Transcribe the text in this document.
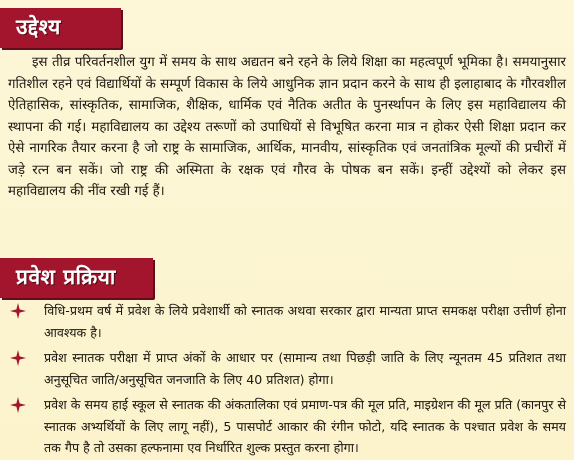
उद्देश्य

इस तीव्र परिवर्तनशील युग में समय के साथ अद्यतन बने रहने के लिये शिक्षा का महत्वपूर्ण भूमिका है। समयानुसार गतिशील रहने एवं विद्यार्थियों के सम्पूर्ण विकास के लिये आधुनिक ज्ञान प्रदान करने के साथ ही इलाहाबाद के गौरवशील ऐतिहासिक, सांस्कृतिक, सामाजिक, शैक्षिक, धार्मिक एवं नैतिक अतीत के पुनर्स्थापन के लिए इस महाविद्यालय की स्थापना की गई। महाविद्यालय का उद्देश्य तरूणों को उपाधियों से विभूषित करना मात्र न होकर ऐसी शिक्षा प्रदान कर ऐसे नागरिक तैयार करना है जो राष्ट्र के सामाजिक, आर्थिक, मानवीय, सांस्कृतिक एवं जनतांत्रिक मूल्यों की प्रचीरों में जड़े रत्न बन सकें। जो राष्ट्र की अस्मिता के रक्षक एवं गौरव के पोषक बन सकें। इन्हीं उद्देश्यों को लेकर इस महाविद्यालय की नींव रखी गई हैं।

प्रवेश प्रक्रिया
विधि-प्रथम वर्ष में प्रवेश के लिये प्रवेशार्थी को स्नातक अथवा सरकार द्वारा मान्यता प्राप्त समकक्ष परीक्षा उत्तीर्ण होना आवश्यक है।
प्रवेश स्नातक परीक्षा में प्राप्त अंकों के आधार पर (सामान्य तथा पिछड़ी जाति के लिए न्यूनतम 45 प्रतिशत तथा अनुसूचित जाति/अनुसूचित जनजाति के लिए 40 प्रतिशत) होगा।
प्रवेश के समय हाई स्कूल से स्नातक की अंकतालिका एवं प्रमाण-पत्र की मूल प्रति, माइग्रेशन की मूल प्रति (कानपुर से स्नातक अभ्यर्थियों के लिए लागू नहीं), 5 पासपोर्ट आकार की रंगीन फोटो, यदि स्नातक के पश्चात प्रवेश के समय तक गैप है तो उसका हल्फनामा एव निर्धारित शुल्क प्रस्तुत करना होगा।
